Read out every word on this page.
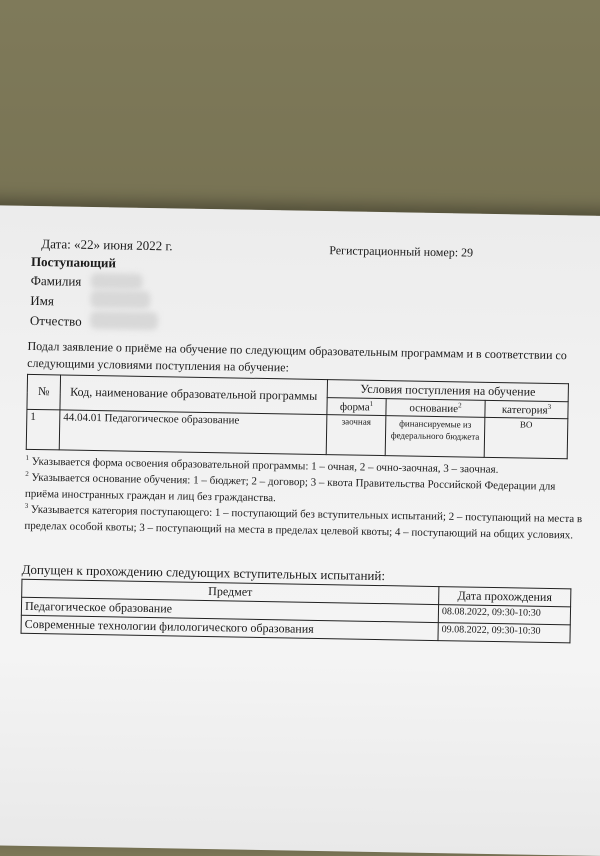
Дата: «22» июня 2022 г.	Регистрационный номер: 29
Поступающий
Фамилия
Имя
Отчество
Подал заявление о приёме на обучение по следующим образовательным программам и в соответствии со следующими условиями поступления на обучение:
№	Код, наименование образовательной программы	Условия поступления на обучение		
		форма$^1$	основание$^2$	категория$^3$
1	44.04.01 Педагогическое образование	заочная	финансируемые из федерального бюджета	ВО
$^1$ Указывается форма освоения образовательной программы: 1 – очная, 2 – очно-заочная, 3 – заочная.
$^2$ Указывается основание обучения: 1 – бюджет; 2 – договор; 3 – квота Правительства Российской Федерации для приёма иностранных граждан и лиц без гражданства.
$^3$ Указывается категория поступающего: 1 – поступающий без вступительных испытаний; 2 – поступающий на места в пределах особой квоты; 3 – поступающий на места в пределах целевой квоты; 4 – поступающий на общих условиях.
Допущен к прохождению следующих вступительных испытаний:
Предмет	Дата прохождения
Педагогическое образование	08.08.2022, 09:30-10:30
Современные технологии филологического образования	09.08.2022, 09:30-10:30
